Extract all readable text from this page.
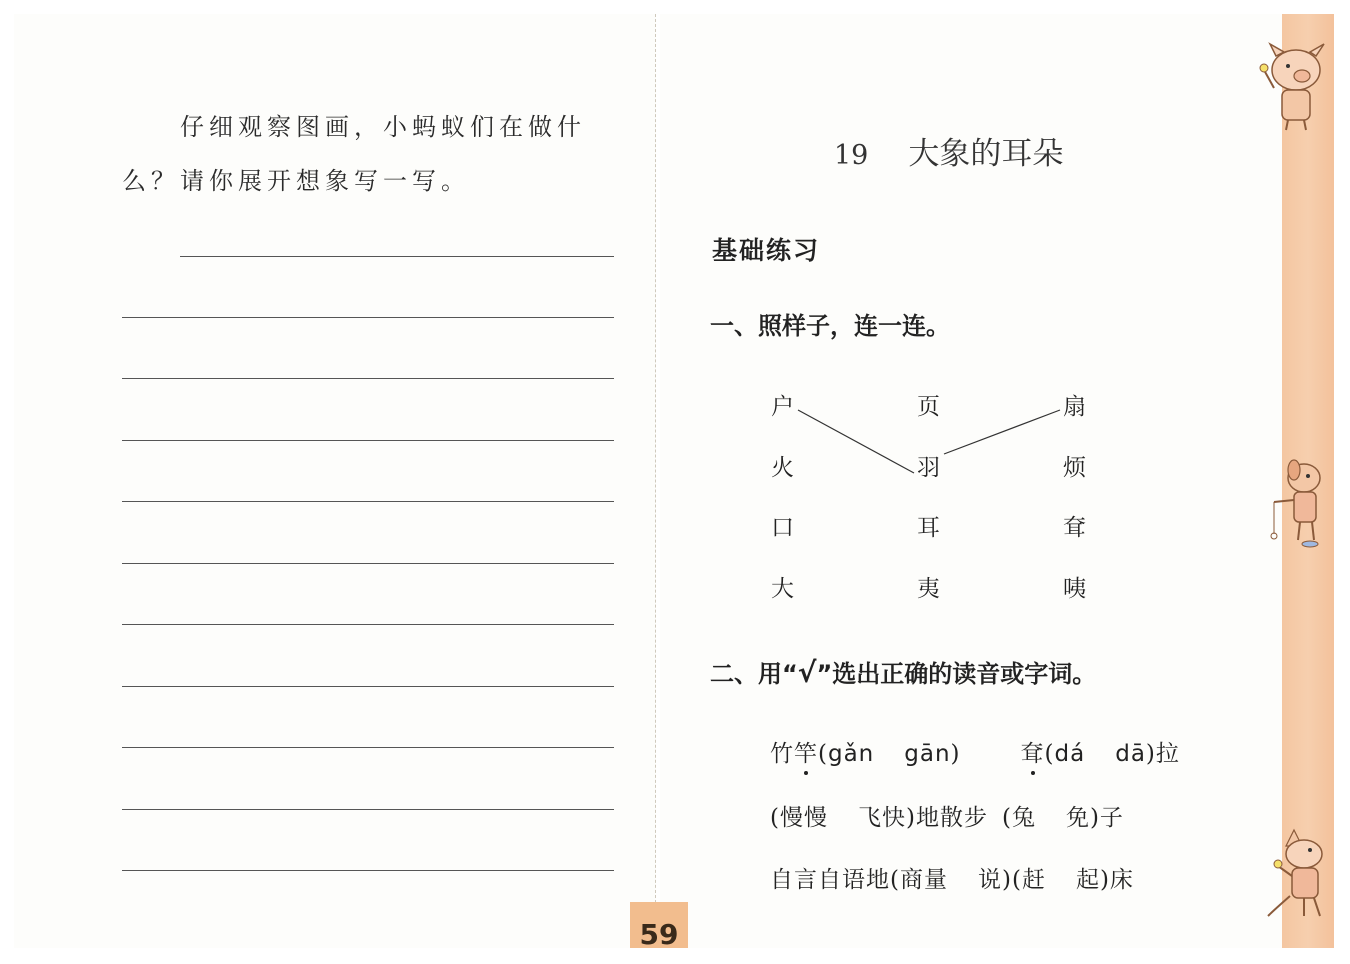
仔细观察图画，小蚂蚁们在做什
么？请你展开想象写一写。
59
19 大象的耳朵
基础练习
一、照样子，连一连。
户
火
口
大
页
羽
耳
夷
扇
烦
耷
咦
二、用“√”选出正确的读音或字词。
竹竿(gǎn gān)	耷(dá dā)拉
(慢慢 飞快)地散步 (兔 免)子
自言自语地(商量 说)(赶 起)床
